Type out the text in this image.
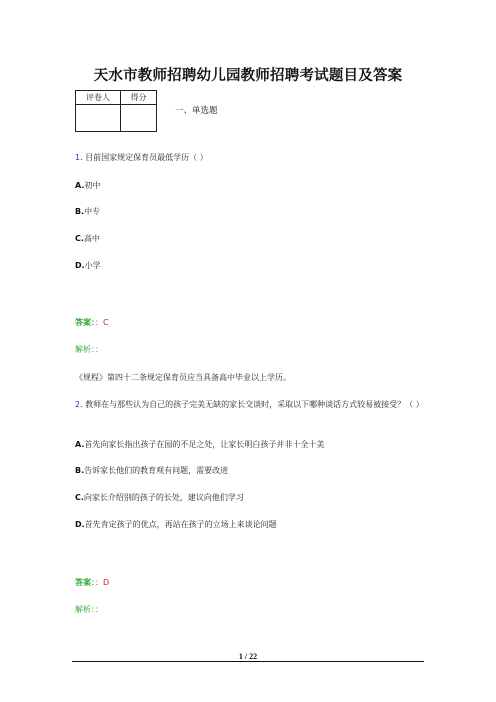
天水市教师招聘幼儿园教师招聘考试题目及答案
评卷人	得分

一、单选题
1. 目前国家规定保育员最低学历（ ）
A.初中
B.中专
C.高中
D.小学
答案：：C
解析：：
《规程》第四十二条规定保育员应当具备高中毕业以上学历。
2. 教师在与那些认为自己的孩子完美无缺的家长交谈时，采取以下哪种谈话方式较易被接受？（ ）
A.首先向家长指出孩子在园的不足之处，让家长明白孩子并非十全十美
B.告诉家长他们的教育观有问题，需要改进
C.向家长介绍别的孩子的长处，建议向他们学习
D.首先肯定孩子的优点，再站在孩子的立场上来谈论问题
答案：：D
解析：：
1 / 22
